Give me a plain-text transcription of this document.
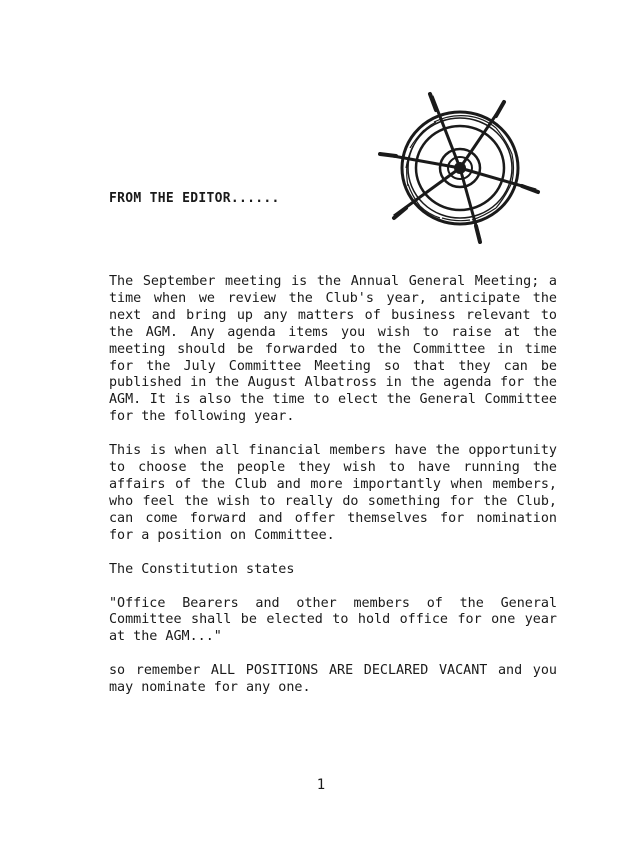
FROM THE EDITOR......

The September meeting is the Annual General Meeting; a time when we review the Club's year, anticipate the next and bring up any matters of business relevant to the AGM. Any agenda items you wish to raise at the meeting should be forwarded to the Committee in time for the July Committee Meeting so that they can be published in the August Albatross in the agenda for the AGM. It is also the time to elect the General Committee for the following year.

This is when all financial members have the opportunity to choose the people they wish to have running the affairs of the Club and more importantly when members, who feel the wish to really do something for the Club, can come forward and offer themselves for nomination for a position on Committee.

The Constitution states

"Office Bearers and other members of the General Committee shall be elected to hold office for one year at the AGM..."

so remember ALL POSITIONS ARE DECLARED VACANT and you may nominate for any one.

1
